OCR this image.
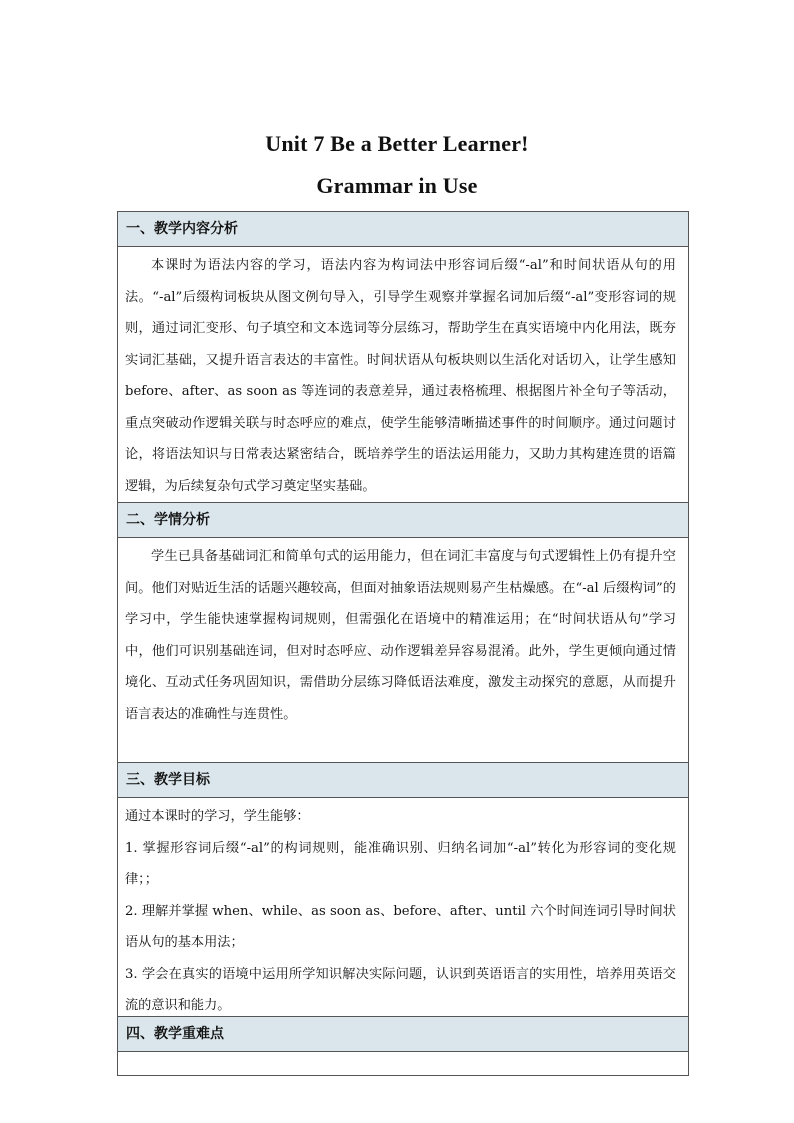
Unit 7 Be a Better Learner!
Grammar in Use
一、教学内容分析

本课时为语法内容的学习，语法内容为构词法中形容词后缀“-al”和时间状语从句的用法。“-al”后缀构词板块从图文例句导入，引导学生观察并掌握名词加后缀“-al”变形容词的规则，通过词汇变形、句子填空和文本选词等分层练习，帮助学生在真实语境中内化用法，既夯实词汇基础，又提升语言表达的丰富性。时间状语从句板块则以生活化对话切入，让学生感知 before、after、as soon as 等连词的表意差异，通过表格梳理、根据图片补全句子等活动，重点突破动作逻辑关联与时态呼应的难点，使学生能够清晰描述事件的时间顺序。通过问题讨论，将语法知识与日常表达紧密结合，既培养学生的语法运用能力，又助力其构建连贯的语篇逻辑，为后续复杂句式学习奠定坚实基础。

二、学情分析

学生已具备基础词汇和简单句式的运用能力，但在词汇丰富度与句式逻辑性上仍有提升空间。他们对贴近生活的话题兴趣较高，但面对抽象语法规则易产生枯燥感。在“-al 后缀构词”的学习中，学生能快速掌握构词规则，但需强化在语境中的精准运用；在“时间状语从句”学习中，他们可识别基础连词，但对时态呼应、动作逻辑差异容易混淆。此外，学生更倾向通过情境化、互动式任务巩固知识，需借助分层练习降低语法难度，激发主动探究的意愿，从而提升语言表达的准确性与连贯性。

三、教学目标

通过本课时的学习，学生能够：

1. 掌握形容词后缀“-al”的构词规则，能准确识别、归纳名词加“-al”转化为形容词的变化规律；；

2. 理解并掌握 when、while、as soon as、before、after、until 六个时间连词引导时间状语从句的基本用法；

3. 学会在真实的语境中运用所学知识解决实际问题，认识到英语语言的实用性，培养用英语交流的意识和能力。

四、教学重难点
